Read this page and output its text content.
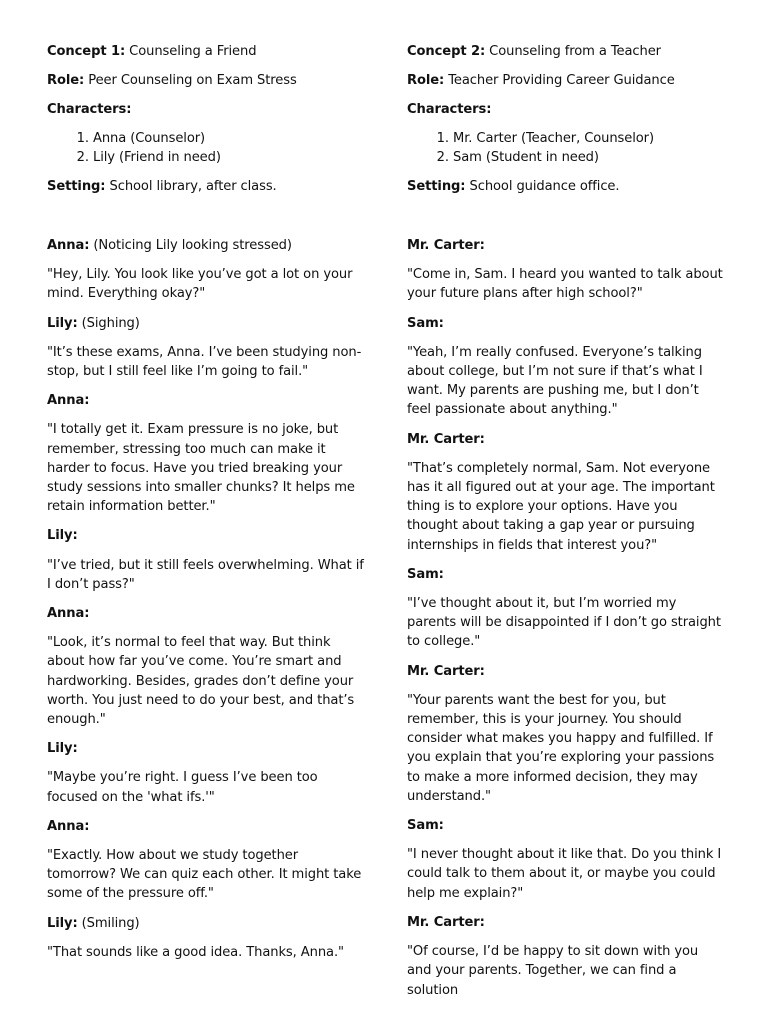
Concept 1: Counseling a Friend

Role: Peer Counseling on Exam Stress

Characters:

1. Anna (Counselor)
2. Lily (Friend in need)

Setting: School library, after class.

Anna: (Noticing Lily looking stressed)

"Hey, Lily. You look like you’ve got a lot on your mind. Everything okay?"

Lily: (Sighing)

"It’s these exams, Anna. I’ve been studying non-stop, but I still feel like I’m going to fail."

Anna:

"I totally get it. Exam pressure is no joke, but remember, stressing too much can make it harder to focus. Have you tried breaking your study sessions into smaller chunks? It helps me retain information better."

Lily:

"I’ve tried, but it still feels overwhelming. What if I don’t pass?"

Anna:

"Look, it’s normal to feel that way. But think about how far you’ve come. You’re smart and hardworking. Besides, grades don’t define your worth. You just need to do your best, and that’s enough."

Lily:

"Maybe you’re right. I guess I’ve been too focused on the 'what ifs.'"

Anna:

"Exactly. How about we study together tomorrow? We can quiz each other. It might take some of the pressure off."

Lily: (Smiling)

"That sounds like a good idea. Thanks, Anna."

Concept 2: Counseling from a Teacher

Role: Teacher Providing Career Guidance

Characters:

1. Mr. Carter (Teacher, Counselor)
2. Sam (Student in need)

Setting: School guidance office.

Mr. Carter:

"Come in, Sam. I heard you wanted to talk about your future plans after high school?"

Sam:

"Yeah, I’m really confused. Everyone’s talking about college, but I’m not sure if that’s what I want. My parents are pushing me, but I don’t feel passionate about anything."

Mr. Carter:

"That’s completely normal, Sam. Not everyone has it all figured out at your age. The important thing is to explore your options. Have you thought about taking a gap year or pursuing internships in fields that interest you?"

Sam:

"I’ve thought about it, but I’m worried my parents will be disappointed if I don’t go straight to college."

Mr. Carter:

"Your parents want the best for you, but remember, this is your journey. You should consider what makes you happy and fulfilled. If you explain that you’re exploring your passions to make a more informed decision, they may understand."

Sam:

"I never thought about it like that. Do you think I could talk to them about it, or maybe you could help me explain?"

Mr. Carter:

"Of course, I’d be happy to sit down with you and your parents. Together, we can find a solution
